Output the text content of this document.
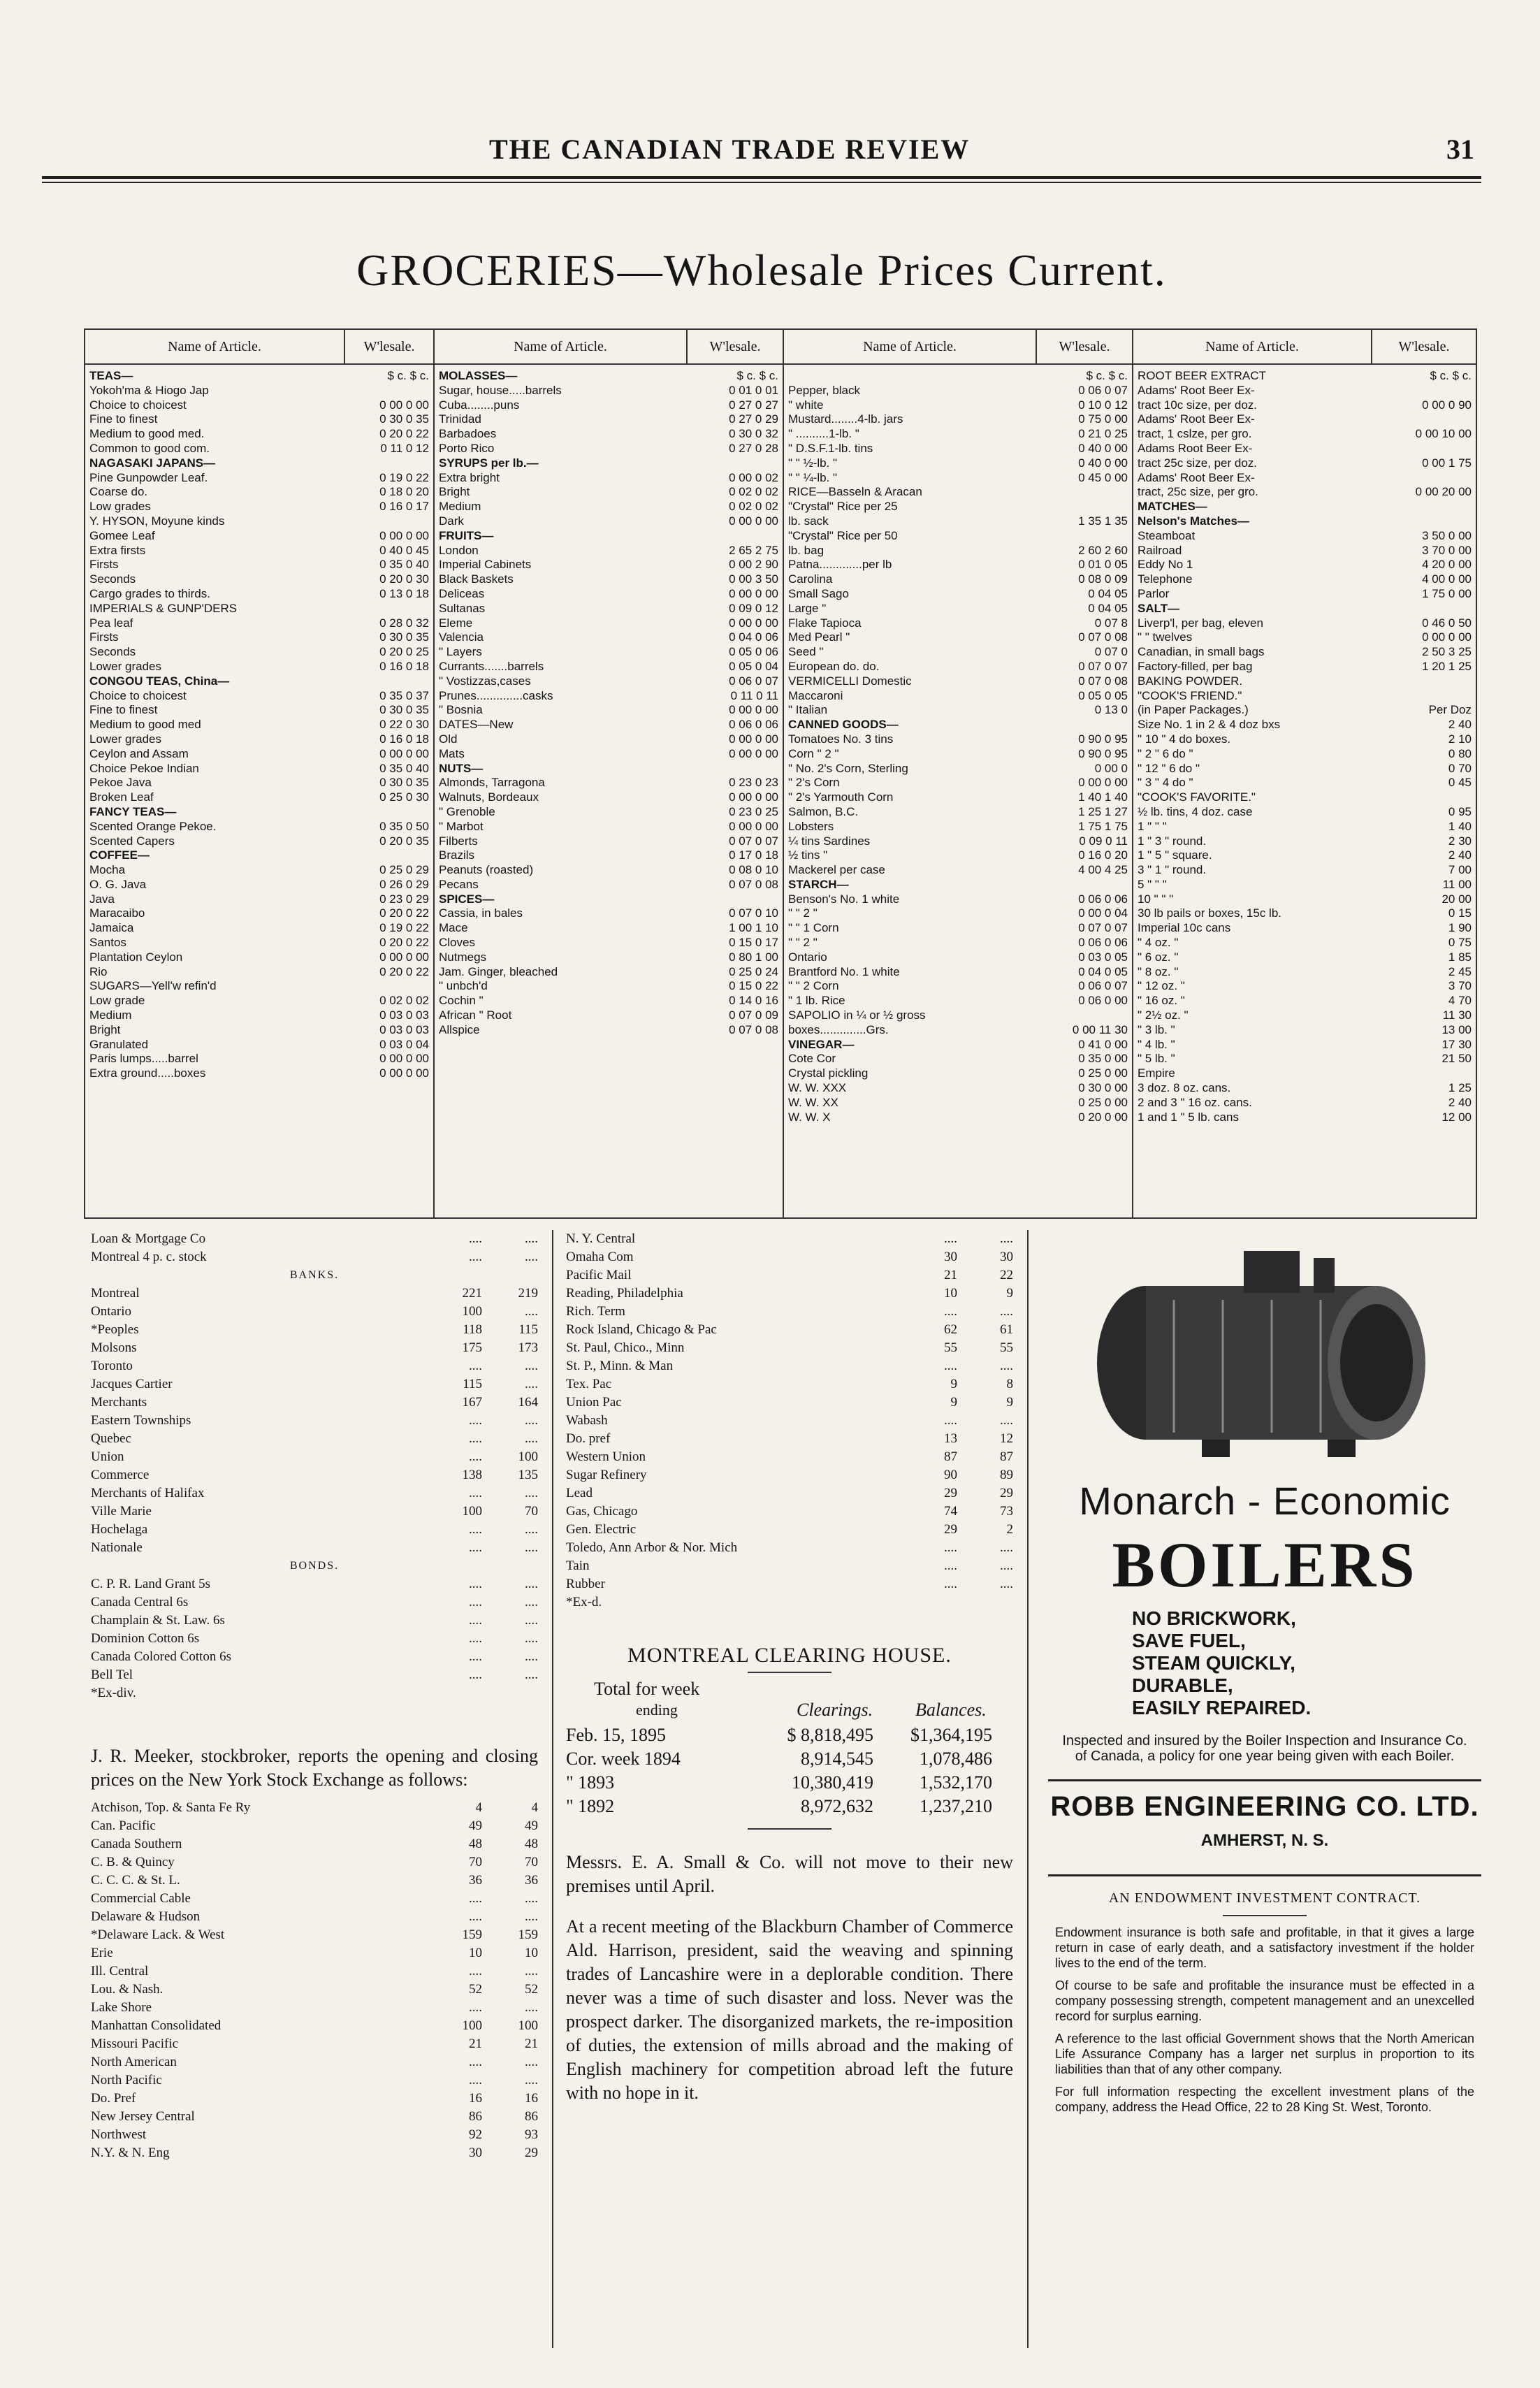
THE CANADIAN TRADE REVIEW	31
GROCERIES—Wholesale Prices Current.
Name of Article.	W'lesale.
TEAS—	$ c. $ c.
Yokoh'ma & Hiogo Jap
Choice to choicest	0 00 0 00
Fine to finest	0 30 0 35
Medium to good med.	0 20 0 22
Common to good com.	0 11 0 12
NAGASAKI JAPANS—
Pine Gunpowder Leaf.	0 19 0 22
Coarse do.	0 18 0 20
Low grades	0 16 0 17
Y. HYSON, Moyune kinds
Gomee Leaf	0 00 0 00
Extra firsts	0 40 0 45
Firsts	0 35 0 40
Seconds	0 20 0 30
Cargo grades to thirds.	0 13 0 18
IMPERIALS & GUNP'DERS
Pea leaf	0 28 0 32
Firsts	0 30 0 35
Seconds	0 20 0 25
Lower grades	0 16 0 18
CONGOU TEAS, China—
Choice to choicest	0 35 0 37
Fine to finest	0 30 0 35
Medium to good med	0 22 0 30
Lower grades	0 16 0 18
Ceylon and Assam	0 00 0 00
Choice Pekoe Indian	0 35 0 40
Pekoe Java	0 30 0 35
Broken Leaf	0 25 0 30
FANCY TEAS—
Scented Orange Pekoe.	0 35 0 50
Scented Capers	0 20 0 35
COFFEE—
Mocha	0 25 0 29
O. G. Java	0 26 0 29
Java	0 23 0 29
Maracaibo	0 20 0 22
Jamaica	0 19 0 22
Santos	0 20 0 22
Plantation Ceylon	0 00 0 00
Rio	0 20 0 22
SUGARS—Yell'w refin'd
Low grade	0 02 0 02
Medium	0 03 0 03
Bright	0 03 0 03
Granulated	0 03 0 04
Paris lumps.....barrel	0 00 0 00
Extra ground.....boxes	0 00 0 00
Name of Article.	W'lesale.
MOLASSES—	$ c. $ c.
Sugar, house.....barrels	0 01 0 01
Cuba........puns	0 27 0 27
Trinidad	0 27 0 29
Barbadoes	0 30 0 32
Porto Rico	0 27 0 28
SYRUPS per lb.—
Extra bright	0 00 0 02
Bright	0 02 0 02
Medium	0 02 0 02
Dark	0 00 0 00
FRUITS—
London	2 65 2 75
Imperial Cabinets	0 00 2 90
Black Baskets	0 00 3 50
Deliceas	0 00 0 00
Sultanas	0 09 0 12
Eleme	0 00 0 00
Valencia	0 04 0 06
" Layers	0 05 0 06
Currants.......barrels	0 05 0 04
" Vostizzas,cases	0 06 0 07
Prunes..............casks	0 11 0 11
" Bosnia	0 00 0 00
DATES—New	0 06 0 06
Old	0 00 0 00
Mats	0 00 0 00
NUTS—
Almonds, Tarragona	0 23 0 23
Walnuts, Bordeaux	0 00 0 00
" Grenoble	0 23 0 25
" Marbot	0 00 0 00
Filberts	0 07 0 07
Brazils	0 17 0 18
Peanuts (roasted)	0 08 0 10
Pecans	0 07 0 08
SPICES—
Cassia, in bales	0 07 0 10
Mace	1 00 1 10
Cloves	0 15 0 17
Nutmegs	0 80 1 00
Jam. Ginger, bleached	0 25 0 24
" unbch'd	0 15 0 22
Cochin "	0 14 0 16
African " Root	0 07 0 09
Allspice	0 07 0 08
Name of Article.	W'lesale.
$ c. $ c.
Pepper, black	0 06 0 07
" white	0 10 0 12
Mustard........4-lb. jars	0 75 0 00
" ..........1-lb. "	0 21 0 25
" D.S.F.1-lb. tins	0 40 0 00
" " ½-lb. "	0 40 0 00
" " ¼-lb. "	0 45 0 00
RICE—Basseln & Aracan
"Crystal" Rice per 25
lb. sack	1 35 1 35
"Crystal" Rice per 50
lb. bag	2 60 2 60
Patna.............per lb	0 01 0 05
Carolina	0 08 0 09
Small Sago	0 04 05
Large "	0 04 05
Flake Tapioca	0 07 8
Med Pearl "	0 07 0 08
Seed "	0 07 0
European do. do.	0 07 0 07
VERMICELLI Domestic	0 07 0 08
Maccaroni	0 05 0 05
" Italian	0 13 0
CANNED GOODS—
Tomatoes No. 3 tins	0 90 0 95
Corn " 2 "	0 90 0 95
" No. 2's Corn, Sterling	0 00 0
" 2's Corn	0 00 0 00
" 2's Yarmouth Corn	1 40 1 40
Salmon, B.C.	1 25 1 27
Lobsters	1 75 1 75
¼ tins Sardines	0 09 0 11
½ tins "	0 16 0 20
Mackerel per case	4 00 4 25
STARCH—
Benson's No. 1 white	0 06 0 06
" " 2 "	0 00 0 04
" " 1 Corn	0 07 0 07
" " 2 "	0 06 0 06
Ontario	0 03 0 05
Brantford No. 1 white	0 04 0 05
" " 2 Corn	0 06 0 07
" 1 lb. Rice	0 06 0 00
SAPOLIO in ¼ or ½ gross
boxes..............Grs.	0 00 11 30
VINEGAR—	0 41 0 00
Cote Cor	0 35 0 00
Crystal pickling	0 25 0 00
W. W. XXX	0 30 0 00
W. W. XX	0 25 0 00
W. W. X	0 20 0 00
Name of Article.	W'lesale.
ROOT BEER EXTRACT	$ c. $ c.
Adams' Root Beer Ex-
tract 10c size, per doz.	0 00 0 90
Adams' Root Beer Ex-
tract, 1 cslze, per gro.	0 00 10 00
Adams Root Beer Ex-
tract 25c size, per doz.	0 00 1 75
Adams' Root Beer Ex-
tract, 25c size, per gro.	0 00 20 00
MATCHES—
Nelson's Matches—
Steamboat	3 50 0 00
Railroad	3 70 0 00
Eddy No 1	4 20 0 00
Telephone	4 00 0 00
Parlor	1 75 0 00
SALT—
Liverp'l, per bag, eleven	0 46 0 50
" " twelves	0 00 0 00
Canadian, in small bags	2 50 3 25
Factory-filled, per bag	1 20 1 25
BAKING POWDER.
"COOK'S FRIEND."
(in Paper Packages.)	Per Doz
Size No. 1 in 2 & 4 doz bxs	2 40
" 10 " 4 do boxes.	2 10
" 2 " 6 do "	0 80
" 12 " 6 do "	0 70
" 3 " 4 do "	0 45
"COOK'S FAVORITE."
½ lb. tins, 4 doz. case	0 95
1 " " "	1 40
1 " 3 " round.	2 30
1 " 5 " square.	2 40
3 " 1 " round.	7 00
5 " " "	11 00
10 " " "	20 00
30 lb pails or boxes, 15c lb.	0 15
Imperial 10c cans	1 90
" 4 oz. "	0 75
" 6 oz. "	1 85
" 8 oz. "	2 45
" 12 oz. "	3 70
" 16 oz. "	4 70
" 2½ oz. "	11 30
" 3 lb. "	13 00
" 4 lb. "	17 30
" 5 lb. "	21 50
Empire
3 doz. 8 oz. cans.	1 25
2 and 3 " 16 oz. cans.	2 40
1 and 1 " 5 lb. cans	12 00
Loan & Mortgage Co	....	....
Montreal 4 p. c. stock	....	....
BANKS.
Montreal	221	219
Ontario	100	....
*Peoples	118	115
Molsons	175	173
Toronto	....	....
Jacques Cartier	115	....
Merchants	167	164
Eastern Townships	....	....
Quebec	....	....
Union	....	100
Commerce	138	135
Merchants of Halifax	....	....
Ville Marie	100	70
Hochelaga	....	....
Nationale	....	....
BONDS.
C. P. R. Land Grant 5s	....	....
Canada Central 6s	....	....
Champlain & St. Law. 6s	....	....
Dominion Cotton 6s	....	....
Canada Colored Cotton 6s	....	....
Bell Tel	....	....
*Ex-div.
J. R. Meeker, stockbroker, reports the opening and closing prices on the New York Stock Exchange as follows:
Atchison, Top. & Santa Fe Ry	4	4
Can. Pacific	49	49
Canada Southern	48	48
C. B. & Quincy	70	70
C. C. C. & St. L.	36	36
Commercial Cable	....	....
Delaware & Hudson	....	....
*Delaware Lack. & West	159	159
Erie	10	10
Ill. Central	....	....
Lou. & Nash.	52	52
Lake Shore	....	....
Manhattan Consolidated	100	100
Missouri Pacific	21	21
North American	....	....
North Pacific	....	....
Do. Pref	16	16
New Jersey Central	86	86
Northwest	92	93
N.Y. & N. Eng	30	29
N. Y. Central	....	....
Omaha Com	30	30
Pacific Mail	21	22
Reading, Philadelphia	10	9
Rich. Term	....	....
Rock Island, Chicago & Pac	62	61
St. Paul, Chico., Minn	55	55
St. P., Minn. & Man	....	....
Tex. Pac	9	8
Union Pac	9	9
Wabash	....	....
Do. pref	13	12
Western Union	87	87
Sugar Refinery	90	89
Lead	29	29
Gas, Chicago	74	73
Gen. Electric	29	2
Toledo, Ann Arbor & Nor. Mich	....	....
Tain	....	....
Rubber	....	....
*Ex-d.
MONTREAL CLEARING HOUSE.
Total for week
ending	Clearings. Balances.
Feb. 15, 1895	$ 8,818,495	$1,364,195
Cor. week 1894	8,914,545	1,078,486
" 1893	10,380,419	1,532,170
" 1892	8,972,632	1,237,210
Messrs. E. A. Small & Co. will not move to their new premises until April.
At a recent meeting of the Blackburn Chamber of Commerce Ald. Harrison, president, said the weaving and spinning trades of Lancashire were in a deplorable condition. There never was a time of such disaster and loss. Never was the prospect darker. The disorganized markets, the re-imposition of duties, the extension of mills abroad and the making of English machinery for competition abroad left the future with no hope in it.
Monarch - Economic
BOILERS
NO BRICKWORK,
SAVE FUEL,
STEAM QUICKLY,
DURABLE,
EASILY REPAIRED.
Inspected and insured by the Boiler Inspection and Insurance Co. of Canada, a policy for one year being given with each Boiler.
ROBB ENGINEERING CO. LTD.
AMHERST, N. S.
AN ENDOWMENT INVESTMENT CONTRACT.
Endowment insurance is both safe and profitable, in that it gives a large return in case of early death, and a satisfactory investment if the holder lives to the end of the term.
Of course to be safe and profitable the insurance must be effected in a company possessing strength, competent management and an unexcelled record for surplus earning.
A reference to the last official Government shows that the North American Life Assurance Company has a larger net surplus in proportion to its liabilities than that of any other company.
For full information respecting the excellent investment plans of the company, address the Head Office, 22 to 28 King St. West, Toronto.
